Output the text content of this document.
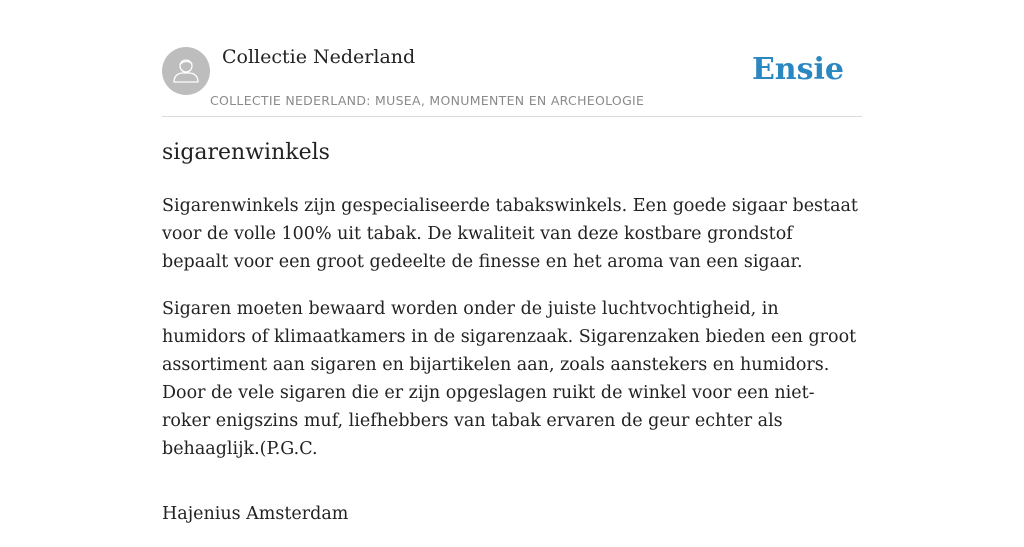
Collectie Nederland
COLLECTIE NEDERLAND: MUSEA, MONUMENTEN EN ARCHEOLOGIE
Ensie
sigarenwinkels

Sigarenwinkels zijn gespecialiseerde tabakswinkels. Een goede sigaar bestaat voor de volle 100% uit tabak. De kwaliteit van deze kostbare grondstof bepaalt voor een groot gedeelte de finesse en het aroma van een sigaar.

Sigaren moeten bewaard worden onder de juiste luchtvochtigheid, in humidors of klimaatkamers in de sigarenzaak. Sigarenzaken bieden een groot assortiment aan sigaren en bijartikelen aan, zoals aanstekers en humidors. Door de vele sigaren die er zijn opgeslagen ruikt de winkel voor een niet-roker enigszins muf, liefhebbers van tabak ervaren de geur echter als behaaglijk.(P.G.C.

Hajenius Amsterdam
